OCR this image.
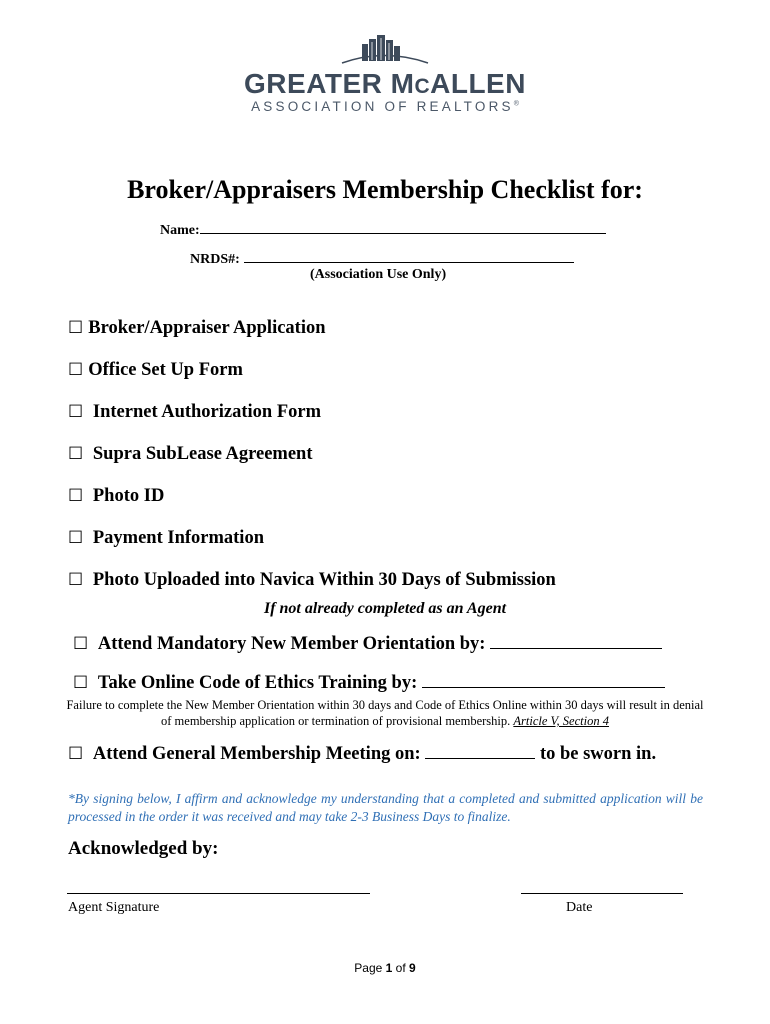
GREATER MCALLEN
ASSOCIATION OF REALTORS®
Broker/Appraisers Membership Checklist for:
Name:
NRDS#:
(Association Use Only)
☐ Broker/Appraiser Application
☐ Office Set Up Form
☐ Internet Authorization Form
☐ Supra SubLease Agreement
☐ Photo ID
☐ Payment Information
☐ Photo Uploaded into Navica Within 30 Days of Submission
If not already completed as an Agent
☐ Attend Mandatory New Member Orientation by:
☐ Take Online Code of Ethics Training by:
Failure to complete the New Member Orientation within 30 days and Code of Ethics Online within 30 days will result in denial of membership application or termination of provisional membership. Article V, Section 4
☐ Attend General Membership Meeting on:	to be sworn in.
*By signing below, I affirm and acknowledge my understanding that a completed and submitted application will be processed in the order it was received and may take 2-3 Business Days to finalize.
Acknowledged by:
Agent Signature	Date
Page 1 of 9
